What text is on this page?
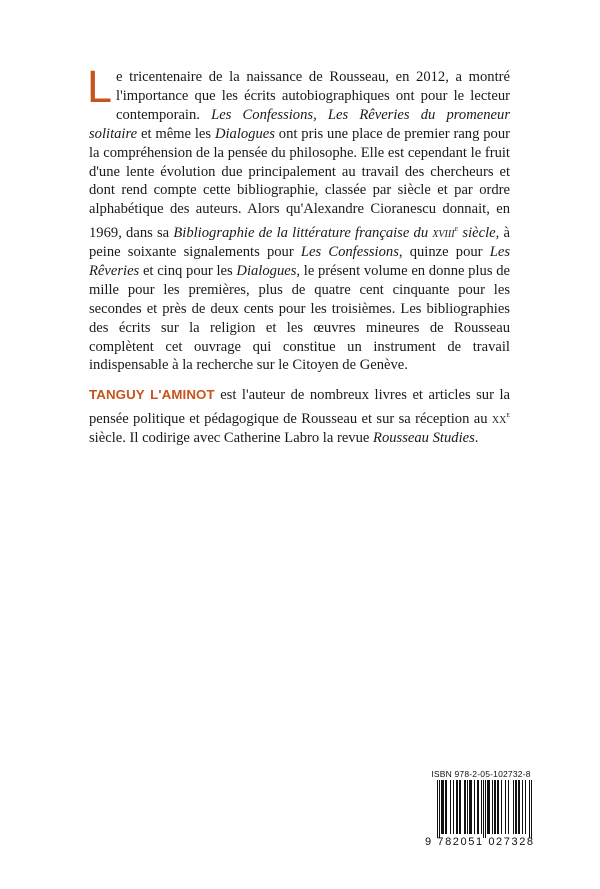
Le tricentenaire de la naissance de Rousseau, en 2012, a montré l'importance que les écrits autobiographiques ont pour le lecteur contemporain. Les Confessions, Les Rêveries du promeneur solitaire et même les Dialogues ont pris une place de premier rang pour la compréhension de la pensée du philosophe. Elle est cependant le fruit d'une lente évolution due principalement au travail des chercheurs et dont rend compte cette bibliographie, classée par siècle et par ordre alphabétique des auteurs. Alors qu'Alexandre Cioranescu donnait, en 1969, dans sa Bibliographie de la littérature française du xviii$^e$ siècle, à peine soixante signalements pour Les Confessions, quinze pour Les Rêveries et cinq pour les Dialogues, le présent volume en donne plus de mille pour les premières, plus de quatre cent cinquante pour les secondes et près de deux cents pour les troisièmes. Les bibliographies des écrits sur la religion et les œuvres mineures de Rousseau complètent cet ouvrage qui constitue un instrument de travail indispensable à la recherche sur le Citoyen de Genève.
TANGUY L'AMINOT est l'auteur de nombreux livres et articles sur la pensée politique et pédagogique de Rousseau et sur sa réception au $xx^e$ siècle. Il codirige avec Catherine Labro la revue Rousseau Studies.
ISBN 978-2-05-102732-8
9 782051 027328
